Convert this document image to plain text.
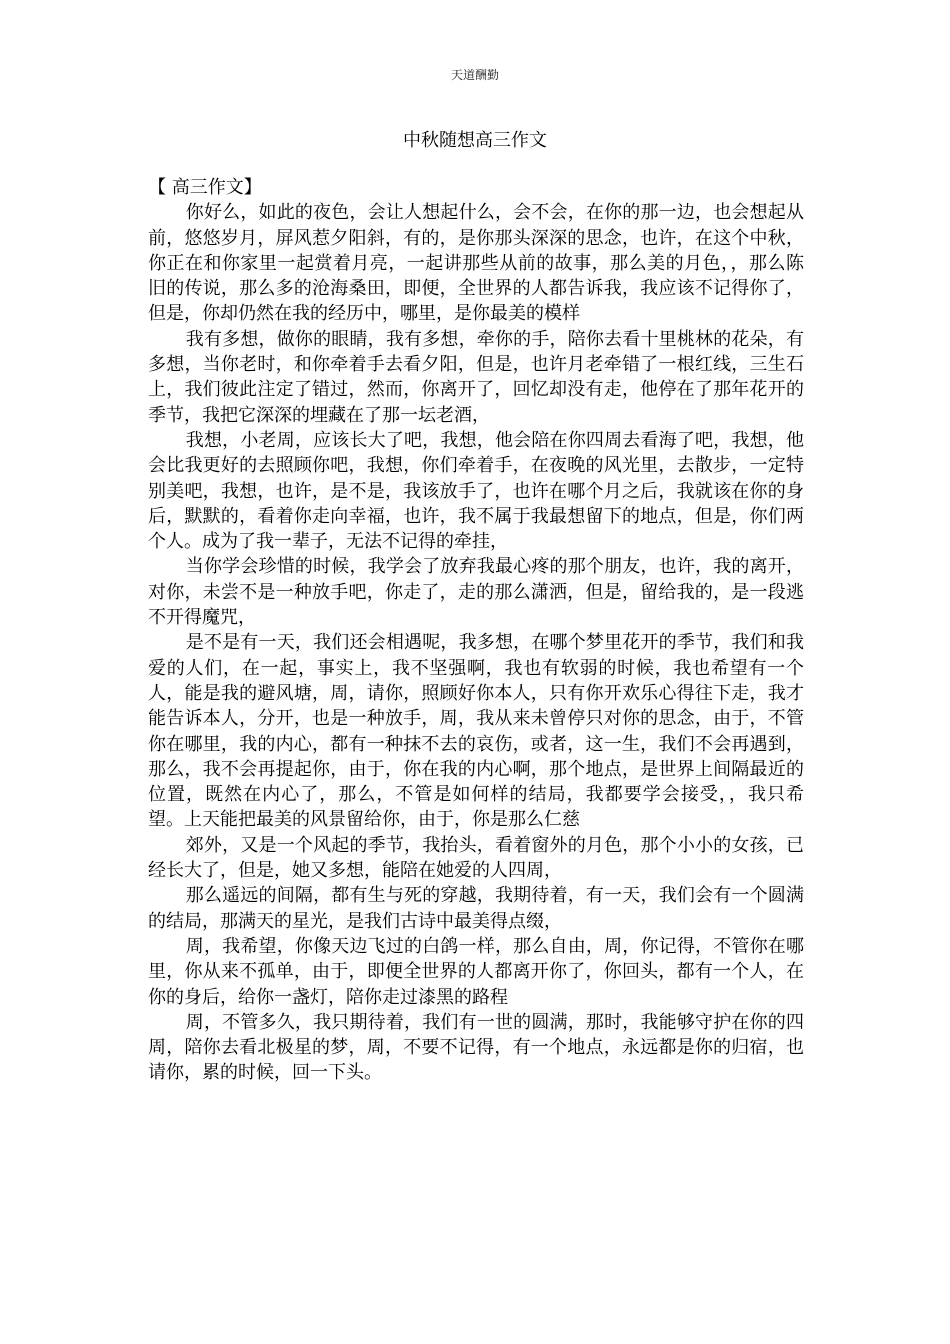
天道酬勤
中秋随想高三作文

【 高三作文】

你好么，如此的夜色，会让人想起什么，会不会，在你的那一边，也会想起从前，悠悠岁月，屏风惹夕阳斜，有的，是你那头深深的思念，也许，在这个中秋，你正在和你家里一起赏着月亮，一起讲那些从前的故事，那么美的月色，，那么陈旧的传说，那么多的沧海桑田，即便，全世界的人都告诉我，我应该不记得你了，但是，你却仍然在我的经历中，哪里，是你最美的模样

我有多想，做你的眼睛，我有多想，牵你的手，陪你去看十里桃林的花朵，有多想，当你老时，和你牵着手去看夕阳，但是，也许月老牵错了一根红线，三生石上，我们彼此注定了错过，然而，你离开了，回忆却没有走，他停在了那年花开的季节，我把它深深的埋藏在了那一坛老酒，

我想，小老周，应该长大了吧，我想，他会陪在你四周去看海了吧，我想，他会比我更好的去照顾你吧，我想，你们牵着手，在夜晚的风光里，去散步，一定特别美吧，我想，也许，是不是，我该放手了，也许在哪个月之后，我就该在你的身后，默默的，看着你走向幸福，也许，我不属于我最想留下的地点，但是，你们两个人。成为了我一辈子，无法不记得的牵挂，

当你学会珍惜的时候，我学会了放弃我最心疼的那个朋友，也许，我的离开，对你，未尝不是一种放手吧，你走了，走的那么潇洒，但是，留给我的，是一段逃不开得魔咒，

是不是有一天，我们还会相遇呢，我多想，在哪个梦里花开的季节，我们和我爱的人们，在一起，事实上，我不坚强啊，我也有软弱的时候，我也希望有一个人，能是我的避风塘，周，请你，照顾好你本人，只有你开欢乐心得往下走，我才能告诉本人，分开，也是一种放手，周，我从来未曾停只对你的思念，由于，不管你在哪里，我的内心，都有一种抹不去的哀伤，或者，这一生，我们不会再遇到，那么，我不会再提起你，由于，你在我的内心啊，那个地点，是世界上间隔最近的位置，既然在内心了，那么，不管是如何样的结局，我都要学会接受，，我只希望。上天能把最美的风景留给你，由于，你是那么仁慈

郊外，又是一个风起的季节，我抬头，看着窗外的月色，那个小小的女孩，已经长大了，但是，她又多想，能陪在她爱的人四周，

那么遥远的间隔，都有生与死的穿越，我期待着，有一天，我们会有一个圆满的结局，那满天的星光，是我们古诗中最美得点缀，

周，我希望，你像天边飞过的白鸽一样，那么自由，周，你记得，不管你在哪里，你从来不孤单，由于，即便全世界的人都离开你了，你回头，都有一个人，在你的身后，给你一盏灯，陪你走过漆黑的路程

周，不管多久，我只期待着，我们有一世的圆满，那时，我能够守护在你的四周，陪你去看北极星的梦，周，不要不记得，有一个地点，永远都是你的归宿，也请你，累的时候，回一下头。
